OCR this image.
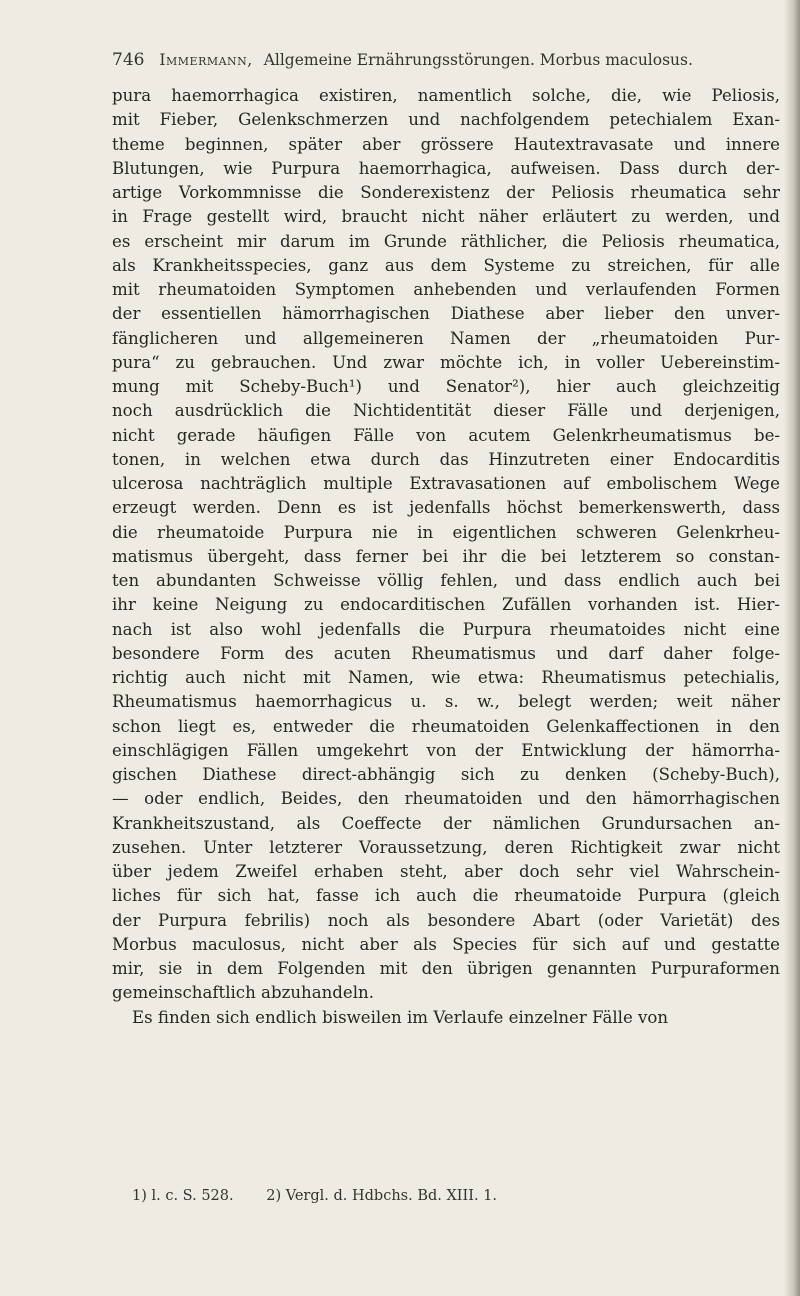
746 Immermann, Allgemeine Ernährungsstörungen. Morbus maculosus.
pura haemorrhagica existiren, namentlich solche, die, wie Peliosis,
mit Fieber, Gelenkschmerzen und nachfolgendem petechialem Exan-
theme beginnen, später aber grössere Hautextravasate und innere
Blutungen, wie Purpura haemorrhagica, aufweisen. Dass durch der-
artige Vorkommnisse die Sonderexistenz der Peliosis rheumatica sehr
in Frage gestellt wird, braucht nicht näher erläutert zu werden, und
es erscheint mir darum im Grunde räthlicher, die Peliosis rheumatica,
als Krankheitsspecies, ganz aus dem Systeme zu streichen, für alle
mit rheumatoiden Symptomen anhebenden und verlaufenden Formen
der essentiellen hämorrhagischen Diathese aber lieber den unver-
fänglicheren und allgemeineren Namen der „rheumatoiden Pur-
pura“ zu gebrauchen. Und zwar möchte ich, in voller Uebereinstim-
mung mit Scheby-Buch¹) und Senator²), hier auch gleichzeitig
noch ausdrücklich die Nichtidentität dieser Fälle und derjenigen,
nicht gerade häufigen Fälle von acutem Gelenkrheumatismus be-
tonen, in welchen etwa durch das Hinzutreten einer Endocarditis
ulcerosa nachträglich multiple Extravasationen auf embolischem Wege
erzeugt werden. Denn es ist jedenfalls höchst bemerkenswerth, dass
die rheumatoide Purpura nie in eigentlichen schweren Gelenkrheu-
matismus übergeht, dass ferner bei ihr die bei letzterem so constan-
ten abundanten Schweisse völlig fehlen, und dass endlich auch bei
ihr keine Neigung zu endocarditischen Zufällen vorhanden ist. Hier-
nach ist also wohl jedenfalls die Purpura rheumatoides nicht eine
besondere Form des acuten Rheumatismus und darf daher folge-
richtig auch nicht mit Namen, wie etwa: Rheumatismus petechialis,
Rheumatismus haemorrhagicus u. s. w., belegt werden; weit näher
schon liegt es, entweder die rheumatoiden Gelenkaffectionen in den
einschlägigen Fällen umgekehrt von der Entwicklung der hämorrha-
gischen Diathese direct-abhängig sich zu denken (Scheby-Buch),
— oder endlich, Beides, den rheumatoiden und den hämorrhagischen
Krankheitszustand, als Coeffecte der nämlichen Grundursachen an-
zusehen. Unter letzterer Voraussetzung, deren Richtigkeit zwar nicht
über jedem Zweifel erhaben steht, aber doch sehr viel Wahrschein-
liches für sich hat, fasse ich auch die rheumatoide Purpura (gleich
der Purpura febrilis) noch als besondere Abart (oder Varietät) des
Morbus maculosus, nicht aber als Species für sich auf und gestatte
mir, sie in dem Folgenden mit den übrigen genannten Purpuraformen
gemeinschaftlich abzuhandeln.
Es finden sich endlich bisweilen im Verlaufe einzelner Fälle von
1) l. c. S. 528. 2) Vergl. d. Hdbchs. Bd. XIII. 1.
